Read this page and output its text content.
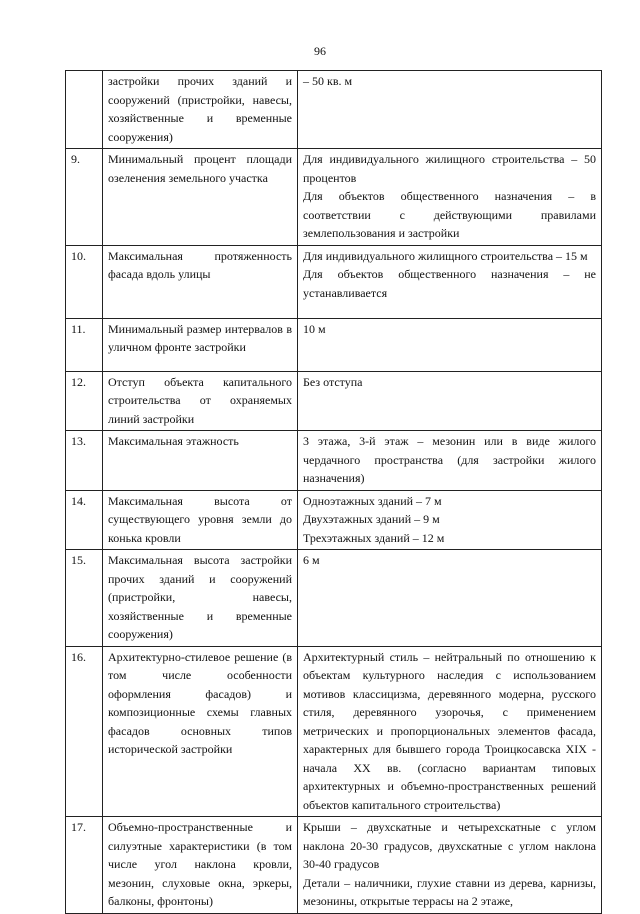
96
	застройки прочих зданий и сооружений (пристройки, навесы, хозяйственные и временные сооружения)	– 50 кв. м

9.	Минимальный процент площади озеленения земельного участка	Для индивидуального жилищного строительства – 50 процентов
Для объектов общественного назначения – в соответствии с действующими правилами землепользования и застройки

10.	Максимальная протяженность фасада вдоль улицы	Для индивидуального жилищного строительства – 15 м
Для объектов общественного назначения – не устанавливается

11.	Минимальный размер интервалов в уличном фронте застройки	10 м

12.	Отступ объекта капитального строительства от охраняемых линий застройки	Без отступа

13.	Максимальная этажность	3 этажа, 3-й этаж – мезонин или в виде жилого чердачного пространства (для застройки жилого назначения)

14.	Максимальная высота от существующего уровня земли до конька кровли	Одноэтажных зданий – 7 м
Двухэтажных зданий – 9 м
Трехэтажных зданий – 12 м

15.	Максимальная высота застройки прочих зданий и сооружений (пристройки, навесы, хозяйственные и временные сооружения)	6 м

16.	Архитектурно-стилевое решение (в том числе особенности оформления фасадов) и композиционные схемы главных фасадов основных типов исторической застройки	Архитектурный стиль – нейтральный по отношению к объектам культурного наследия с использованием мотивов классицизма, деревянного модерна, русского стиля, деревянного узорочья, с применением метрических и пропорциональных элементов фасада, характерных для бывшего города Троицкосавска XIX - начала XX вв. (согласно вариантам типовых архитектурных и объемно-пространственных решений объектов капитального строительства)

17.	Объемно-пространственные и силуэтные характеристики (в том числе угол наклона кровли, мезонин, слуховые окна, эркеры, балконы, фронтоны)	Крыши – двухскатные и четырехскатные с углом наклона 20-30 градусов, двухскатные с углом наклона 30-40 градусов
Детали – наличники, глухие ставни из дерева, карнизы, мезонины, открытые террасы на 2 этаже,
